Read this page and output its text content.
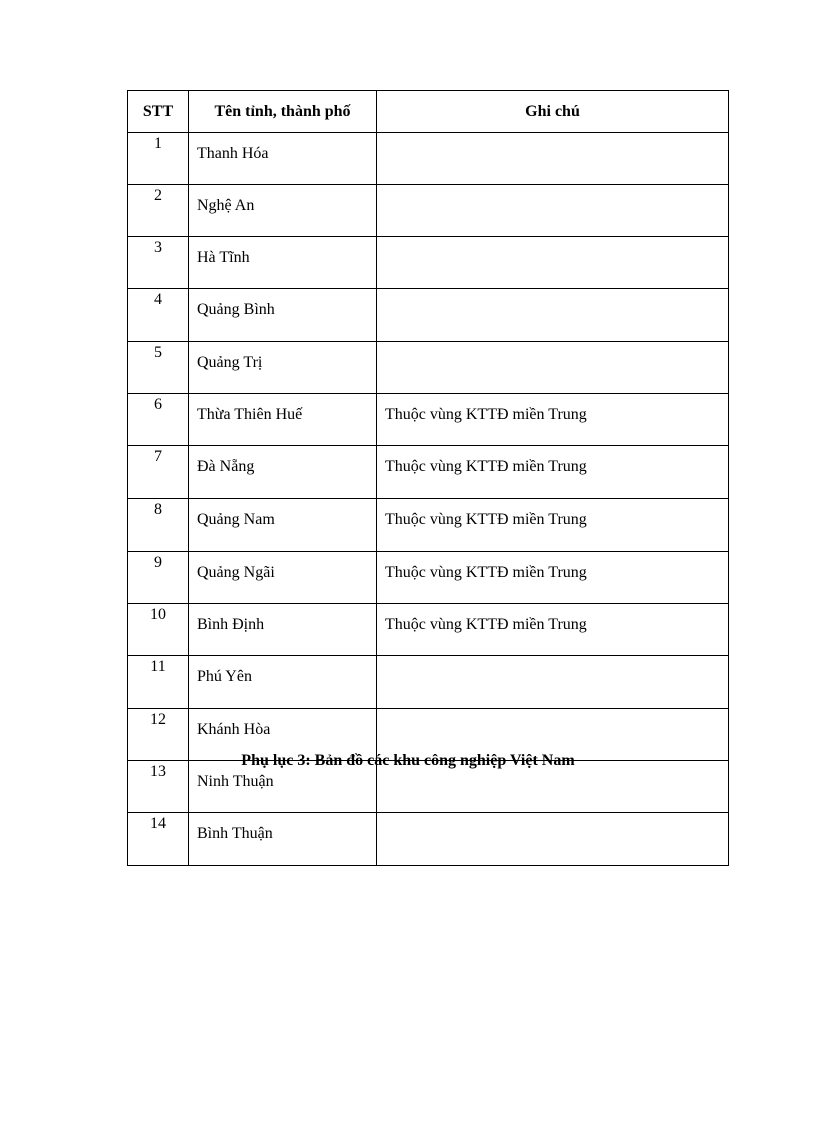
STT	Tên tỉnh, thành phố	Ghi chú
1	Thanh Hóa	
2	Nghệ An	
3	Hà Tĩnh	
4	Quảng Bình	
5	Quảng Trị	
6	Thừa Thiên Huế	Thuộc vùng KTTĐ miền Trung
7	Đà Nẵng	Thuộc vùng KTTĐ miền Trung
8	Quảng Nam	Thuộc vùng KTTĐ miền Trung
9	Quảng Ngãi	Thuộc vùng KTTĐ miền Trung
10	Bình Định	Thuộc vùng KTTĐ miền Trung
11	Phú Yên	
12	Khánh Hòa	
13	Ninh Thuận	
14	Bình Thuận	

Phụ lục 3: Bản đồ các khu công nghiệp Việt Nam
